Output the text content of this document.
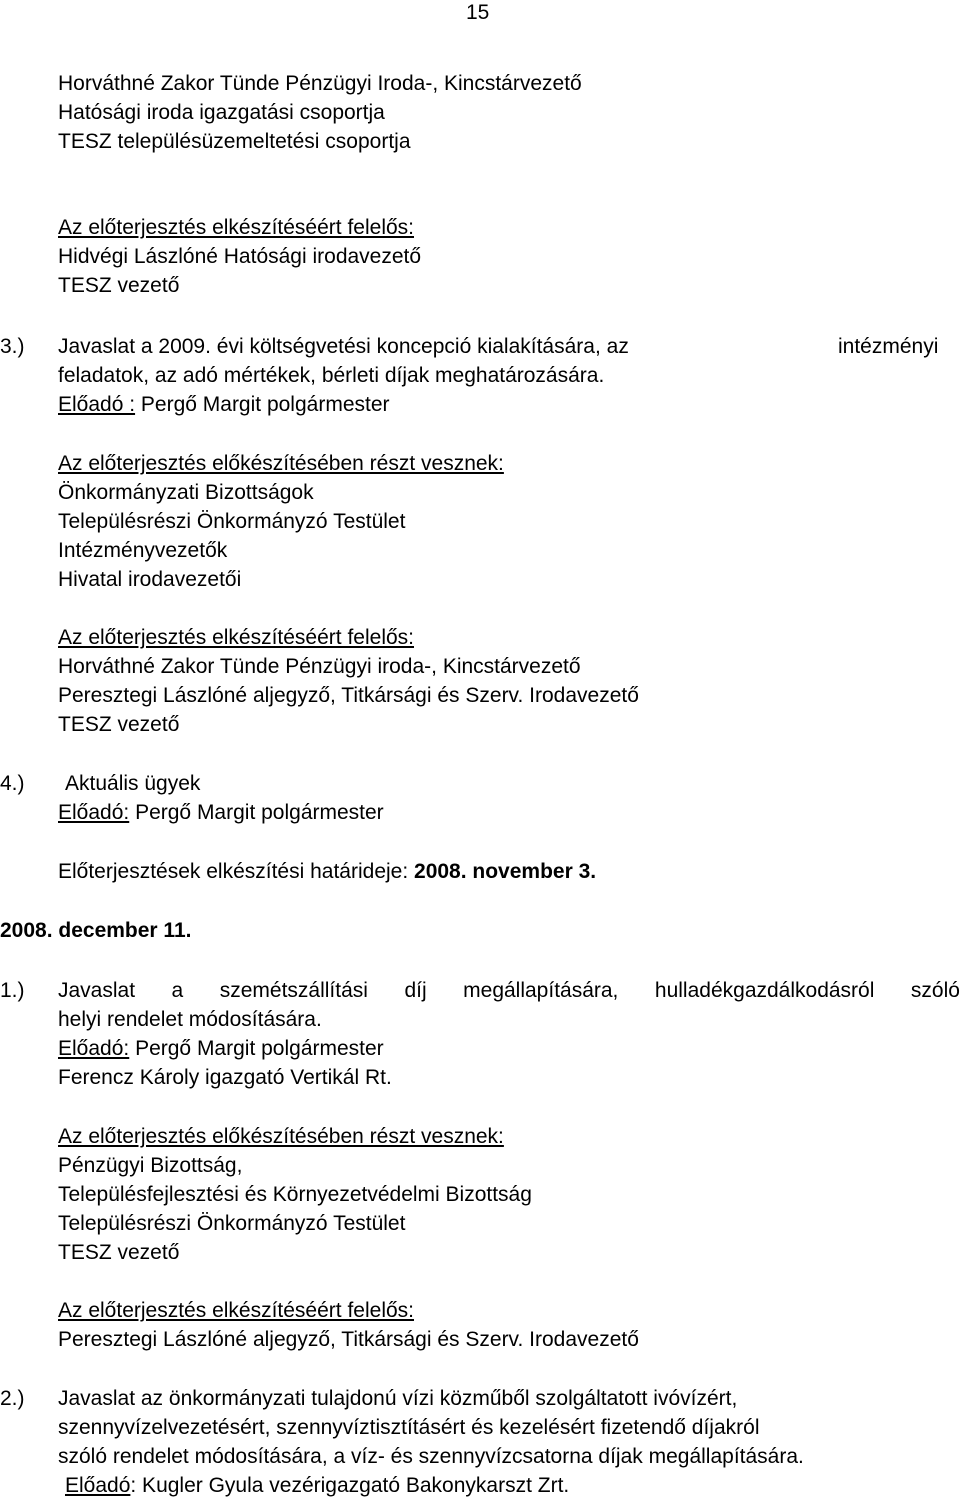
15
Horváthné Zakor Tünde Pénzügyi Iroda-, Kincstárvezető
Hatósági iroda igazgatási csoportja
TESZ településüzemeltetési csoportja
Az előterjesztés elkészítéséért felelős:
Hidvégi Lászlóné Hatósági irodavezető
TESZ vezető
3.) Javaslat a 2009. évi költségvetési koncepció kialakítására, az	intézményi
feladatok, az adó mértékek, bérleti díjak meghatározására.
Előadó : Pergő Margit polgármester
Az előterjesztés előkészítésében részt vesznek:
Önkormányzati Bizottságok
Településrészi Önkormányzó Testület
Intézményvezetők
Hivatal irodavezetői
Az előterjesztés elkészítéséért felelős:
Horváthné Zakor Tünde Pénzügyi iroda-, Kincstárvezető
Peresztegi Lászlóné aljegyző, Titkársági és Szerv. Irodavezető
TESZ vezető
4.) Aktuális ügyek
Előadó: Pergő Margit polgármester
Előterjesztések elkészítési határideje: 2008. november 3.
2008. december 11.
1.) Javaslat a szemétszállítási díj megállapítására, hulladékgazdálkodásról szóló
helyi rendelet módosítására.
Előadó: Pergő Margit polgármester
Ferencz Károly igazgató Vertikál Rt.
Az előterjesztés előkészítésében részt vesznek:
Pénzügyi Bizottság,
Településfejlesztési és Környezetvédelmi Bizottság
Településrészi Önkormányzó Testület
TESZ vezető
Az előterjesztés elkészítéséért felelős:
Peresztegi Lászlóné aljegyző, Titkársági és Szerv. Irodavezető
2.) Javaslat az önkormányzati tulajdonú vízi közműből szolgáltatott ivóvízért,
szennyvízelvezetésért, szennyvíztisztításért és kezelésért fizetendő díjakról
szóló rendelet módosítására, a víz- és szennyvízcsatorna díjak megállapítására.
Előadó: Kugler Gyula vezérigazgató Bakonykarszt Zrt.
